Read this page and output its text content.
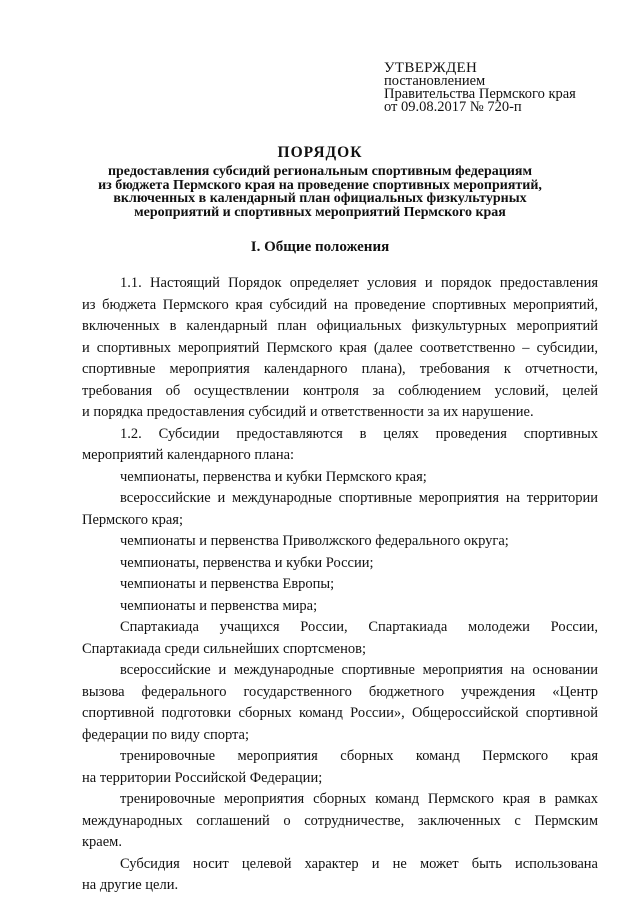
УТВЕРЖДЕН
постановлением
Правительства Пермского края
от 09.08.2017 № 720-п
ПОРЯДОК
предоставления субсидий региональным спортивным федерациям
из бюджета Пермского края на проведение спортивных мероприятий,
включенных в календарный план официальных физкультурных
мероприятий и спортивных мероприятий Пермского края
I. Общие положения
1.1. Настоящий Порядок определяет условия и порядок предоставления
из бюджета Пермского края субсидий на проведение спортивных мероприятий,
включенных в календарный план официальных физкультурных мероприятий
и спортивных мероприятий Пермского края (далее соответственно – субсидии,
спортивные мероприятия календарного плана), требования к отчетности,
требования об осуществлении контроля за соблюдением условий, целей
и порядка предоставления субсидий и ответственности за их нарушение.
1.2. Субсидии предоставляются в целях проведения спортивных
мероприятий календарного плана:
чемпионаты, первенства и кубки Пермского края;
всероссийские и международные спортивные мероприятия на территории
Пермского края;
чемпионаты и первенства Приволжского федерального округа;
чемпионаты, первенства и кубки России;
чемпионаты и первенства Европы;
чемпионаты и первенства мира;
Спартакиада учащихся России, Спартакиада молодежи России,
Спартакиада среди сильнейших спортсменов;
всероссийские и международные спортивные мероприятия на основании
вызова федерального государственного бюджетного учреждения «Центр
спортивной подготовки сборных команд России», Общероссийской спортивной
федерации по виду спорта;
тренировочные мероприятия сборных команд Пермского края
на территории Российской Федерации;
тренировочные мероприятия сборных команд Пермского края в рамках
международных соглашений о сотрудничестве, заключенных с Пермским
краем.
Субсидия носит целевой характер и не может быть использована
на другие цели.
